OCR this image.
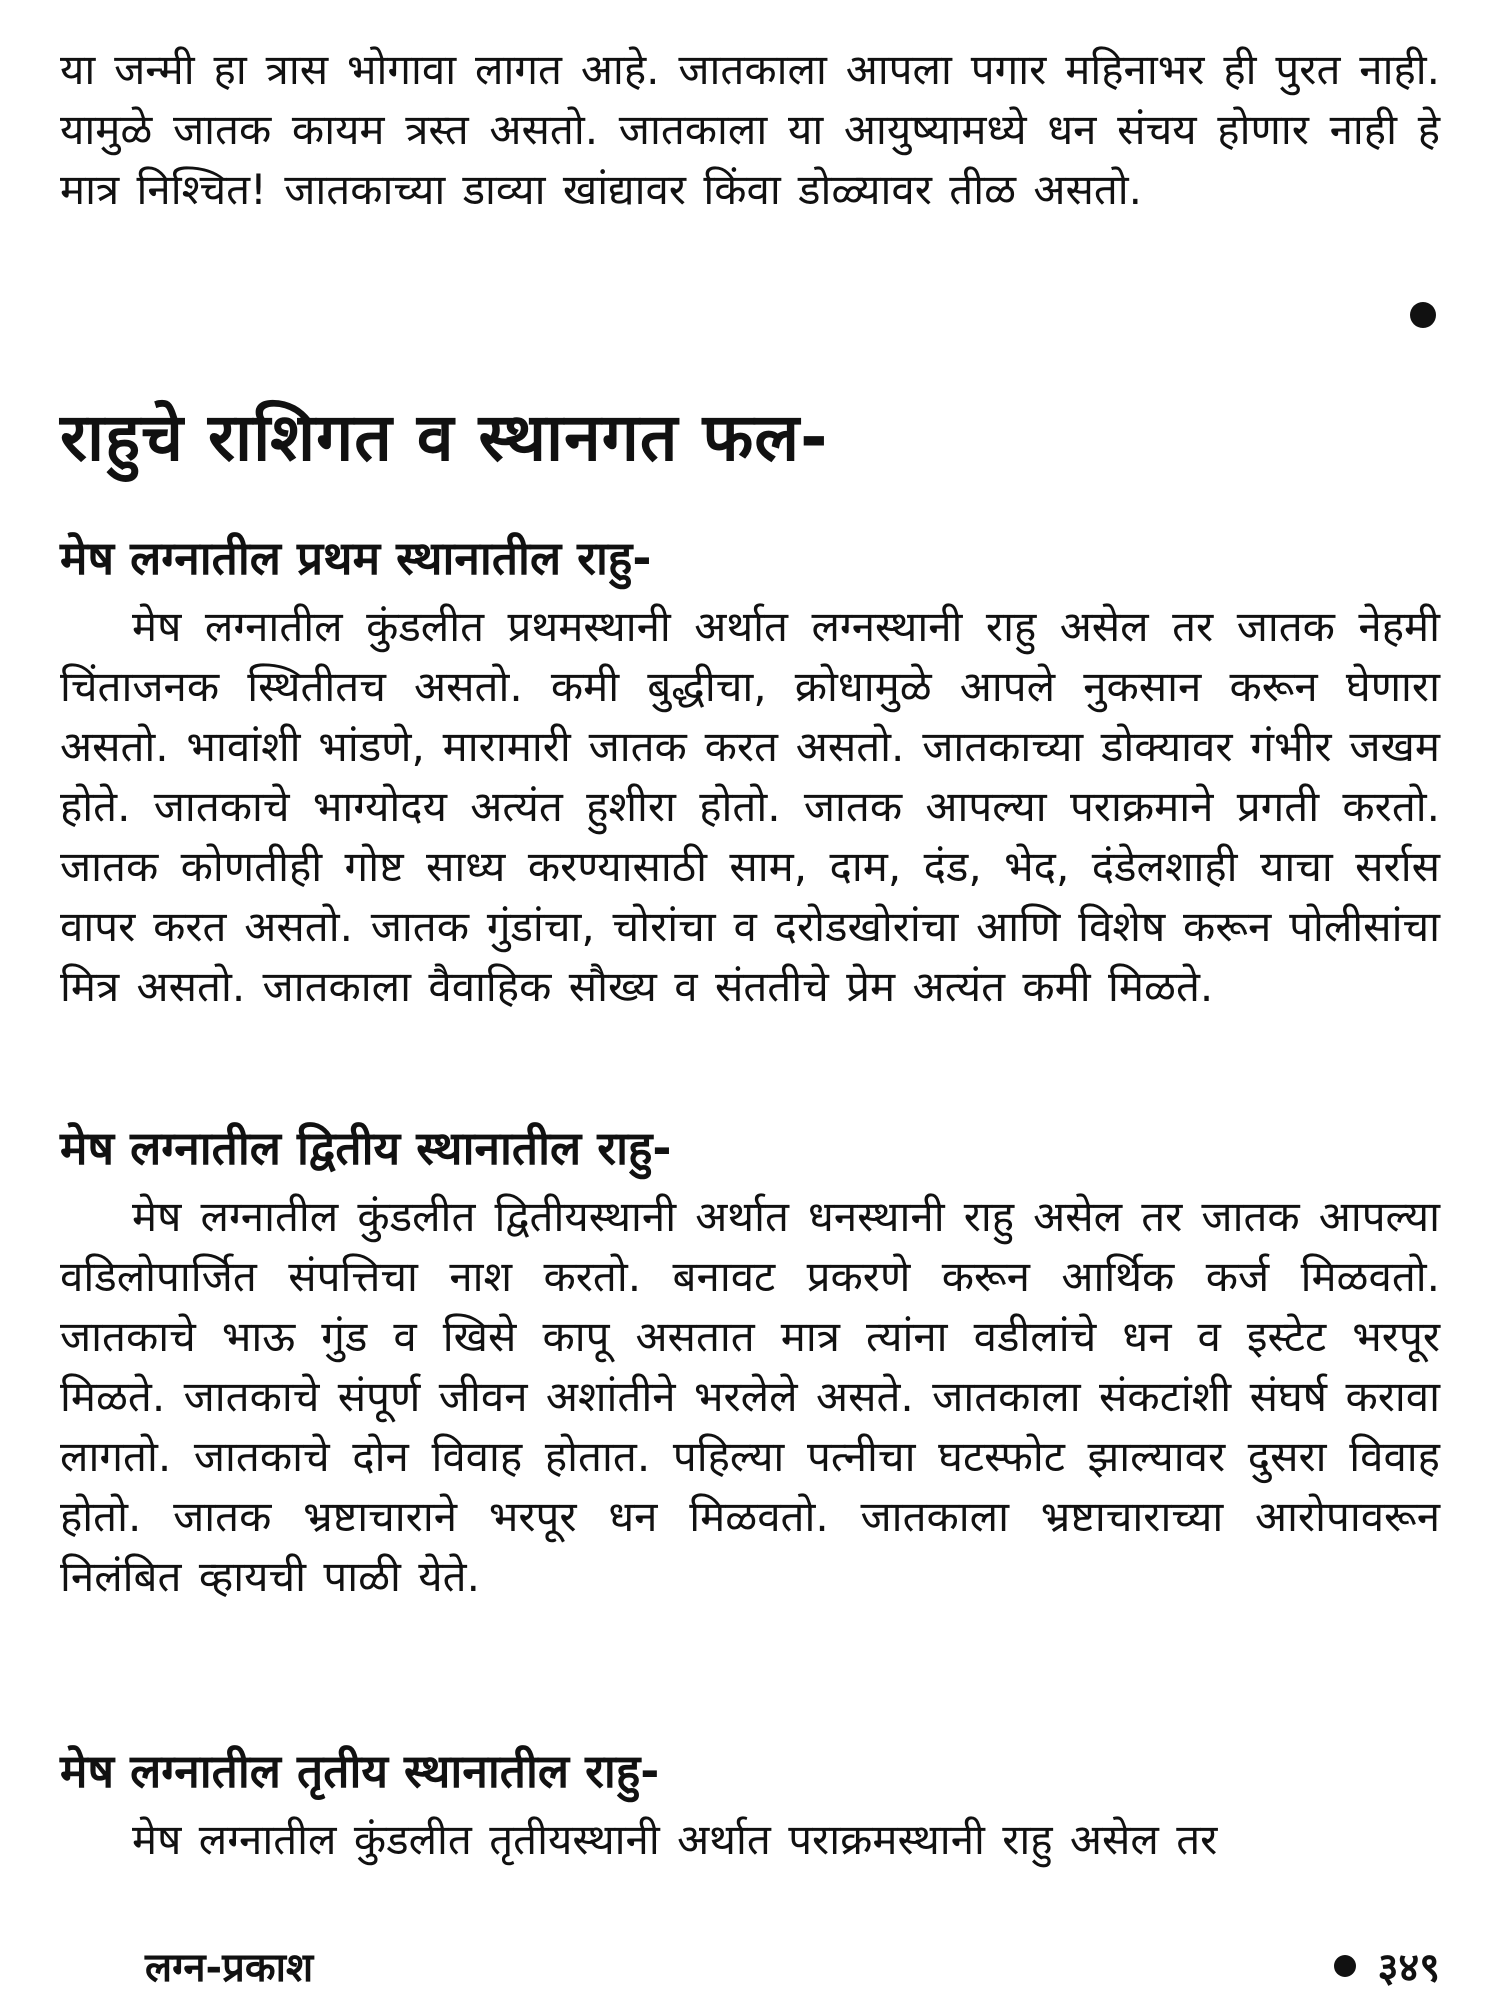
या जन्मी हा त्रास भोगावा लागत आहे. जातकाला आपला पगार महिनाभर ही पुरत नाही. यामुळे जातक कायम त्रस्त असतो. जातकाला या आयुष्यामध्ये धन संचय होणार नाही हे मात्र निश्चित! जातकाच्या डाव्या खांद्यावर किंवा डोळ्यावर तीळ असतो.

राहुचे राशिगत व स्थानगत फल-
मेष लग्नातील प्रथम स्थानातील राहु-

मेष लग्नातील कुंडलीत प्रथमस्थानी अर्थात लग्नस्थानी राहु असेल तर जातक नेहमी चिंताजनक स्थितीतच असतो. कमी बुद्धीचा, क्रोधामुळे आपले नुकसान करून घेणारा असतो. भावांशी भांडणे, मारामारी जातक करत असतो. जातकाच्या डोक्यावर गंभीर जखम होते. जातकाचे भाग्योदय अत्यंत हुशीरा होतो. जातक आपल्या पराक्रमाने प्रगती करतो. जातक कोणतीही गोष्ट साध्य करण्यासाठी साम, दाम, दंड, भेद, दंडेलशाही याचा सर्रास वापर करत असतो. जातक गुंडांचा, चोरांचा व दरोडखोरांचा आणि विशेष करून पोलीसांचा मित्र असतो. जातकाला वैवाहिक सौख्य व संततीचे प्रेम अत्यंत कमी मिळते.

मेष लग्नातील द्वितीय स्थानातील राहु-

मेष लग्नातील कुंडलीत द्वितीयस्थानी अर्थात धनस्थानी राहु असेल तर जातक आपल्या वडिलोपार्जित संपत्तिचा नाश करतो. बनावट प्रकरणे करून आर्थिक कर्ज मिळवतो. जातकाचे भाऊ गुंड व खिसे कापू असतात मात्र त्यांना वडीलांचे धन व इस्टेट भरपूर मिळते. जातकाचे संपूर्ण जीवन अशांतीने भरलेले असते. जातकाला संकटांशी संघर्ष करावा लागतो. जातकाचे दोन विवाह होतात. पहिल्या पत्नीचा घटस्फोट झाल्यावर दुसरा विवाह होतो. जातक भ्रष्टाचाराने भरपूर धन मिळवतो. जातकाला भ्रष्टाचाराच्या आरोपावरून निलंबित व्हायची पाळी येते.

मेष लग्नातील तृतीय स्थानातील राहु-

मेष लग्नातील कुंडलीत तृतीयस्थानी अर्थात पराक्रमस्थानी राहु असेल तर

लग्न-प्रकाश	३४९
